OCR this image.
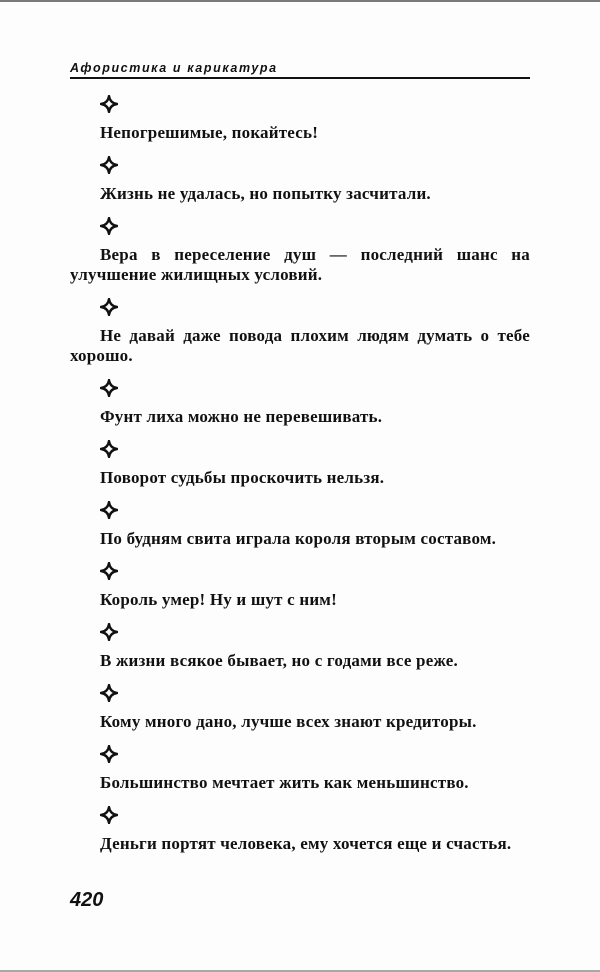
Афористика и карикатура

Непогрешимые, покайтесь!

Жизнь не удалась, но попытку засчитали.

Вера в переселение душ — последний шанс на улучшение жилищных условий.

Не давай даже повода плохим людям думать о тебе хорошо.

Фунт лиха можно не перевешивать.

Поворот судьбы проскочить нельзя.

По будням свита играла короля вторым составом.

Король умер! Ну и шут с ним!

В жизни всякое бывает, но с годами все реже.

Кому много дано, лучше всех знают кредиторы.

Большинство мечтает жить как меньшинство.

Деньги портят человека, ему хочется еще и счастья.

420
